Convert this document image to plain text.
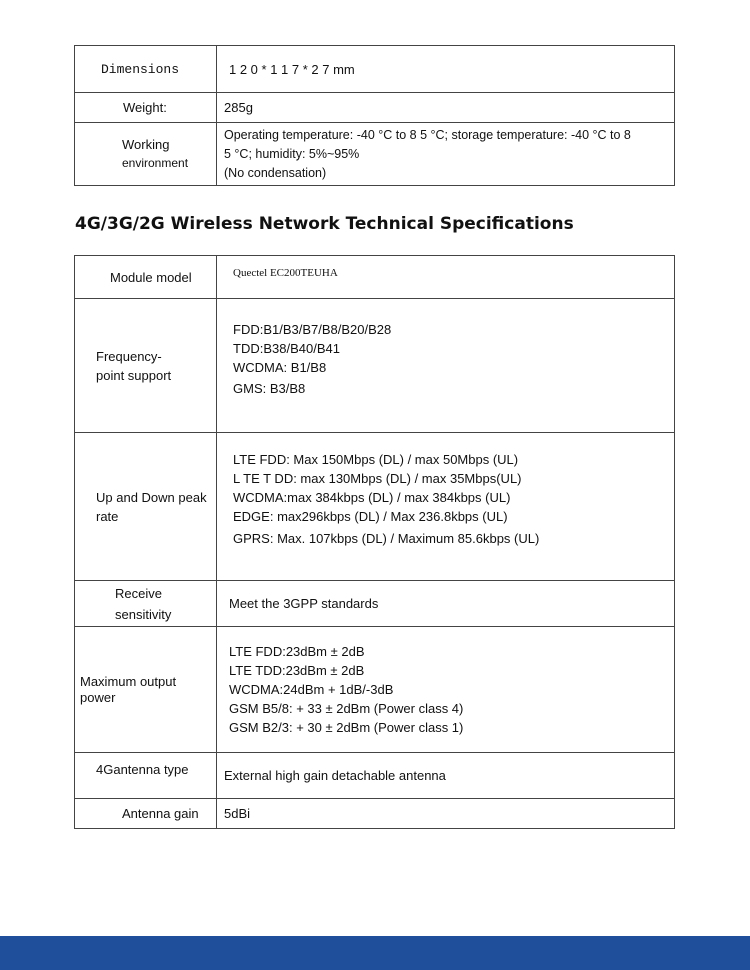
Dimensions	1 2 0 * 1 1 7 * 2 7 mm

Weight:	285g

Working
environment	Operating temperature: -40 °C to 8 5 °C; storage temperature: -40 °C to 8
5 °C; humidity: 5%~95%
(No condensation)
4G/3G/2G Wireless Network Technical Specifications
Module model	Quectel EC200TEUHA

Frequency-
point support	FDD:B1/B3/B7/B8/B20/B28
TDD:B38/B40/B41
WCDMA: B1/B8
GMS: B3/B8

Up and Down peak
rate	LTE FDD: Max 150Mbps (DL) / max 50Mbps (UL)
L TE T DD: max 130Mbps (DL) / max 35Mbps(UL)
WCDMA:max 384kbps (DL) / max 384kbps (UL)
EDGE: max296kbps (DL) / Max 236.8kbps (UL)
GPRS: Max. 107kbps (DL) / Maximum 85.6kbps (UL)

Receive
sensitivity	Meet the 3GPP standards

Maximum output
power	LTE FDD:23dBm ± 2dB
LTE TDD:23dBm ± 2dB
WCDMA:24dBm + 1dB/-3dB
GSM B5/8: + 33 ± 2dBm (Power class 4)
GSM B2/3: + 30 ± 2dBm (Power class 1)

4Gantenna type	External high gain detachable antenna

Antenna gain	5dBi
